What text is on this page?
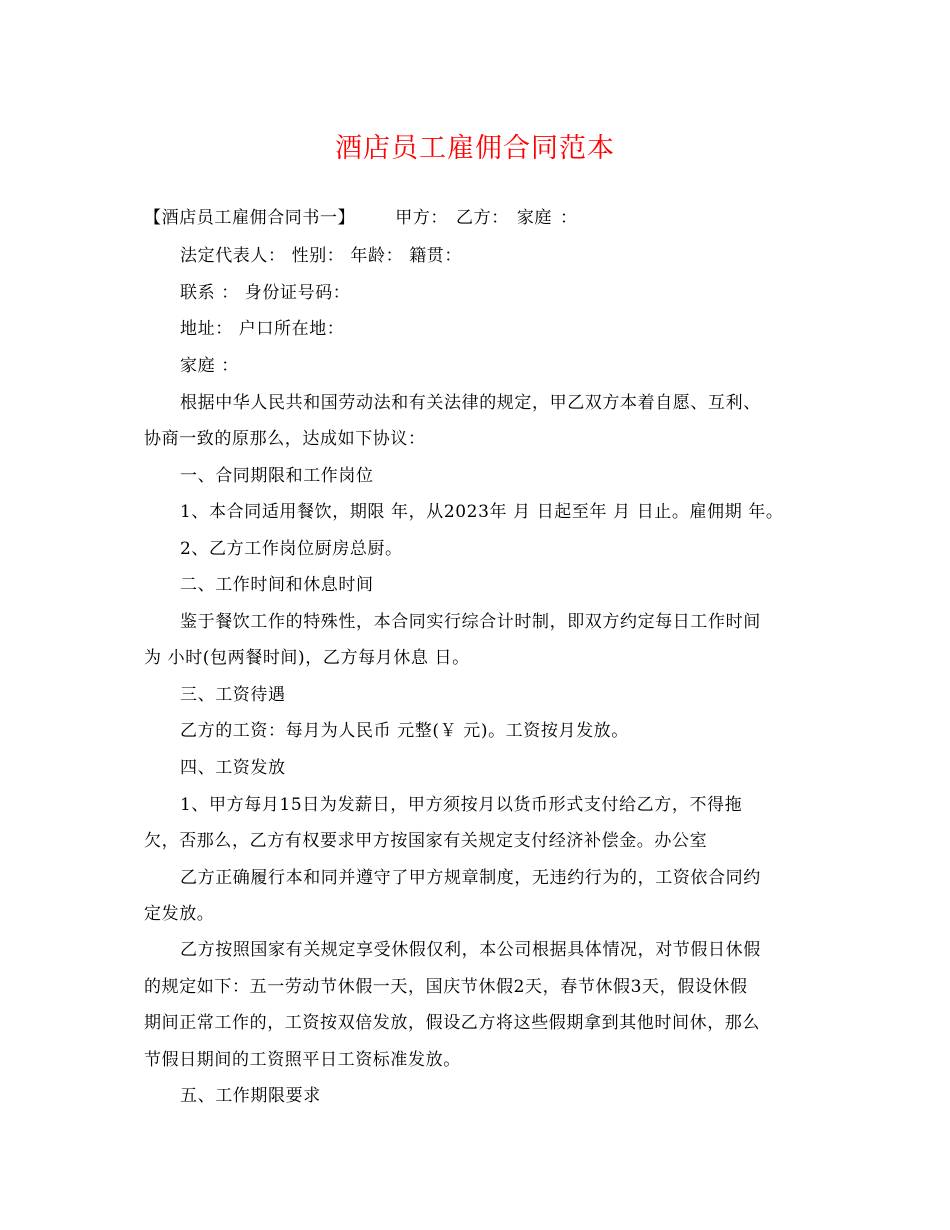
酒店员工雇佣合同范本
【酒店员工雇佣合同书一】 甲方： 乙方： 家庭 ：
法定代表人： 性别： 年龄： 籍贯：
联系 ： 身份证号码：
地址： 户口所在地：
家庭 ：
根据中华人民共和国劳动法和有关法律的规定，甲乙双方本着自愿、互利、
协商一致的原那么，达成如下协议：
一、合同期限和工作岗位
1、本合同适用餐饮，期限 年，从2023年 月 日起至年 月 日止。雇佣期 年。
2、乙方工作岗位厨房总厨。
二、工作时间和休息时间
鉴于餐饮工作的特殊性，本合同实行综合计时制，即双方约定每日工作时间
为 小时(包两餐时间)，乙方每月休息 日。
三、工资待遇
乙方的工资：每月为人民币 元整(￥ 元)。工资按月发放。
四、工资发放
1、甲方每月15日为发薪日，甲方须按月以货币形式支付给乙方，不得拖
欠，否那么，乙方有权要求甲方按国家有关规定支付经济补偿金。办公室
乙方正确履行本和同并遵守了甲方规章制度，无违约行为的，工资依合同约
定发放。
乙方按照国家有关规定享受休假仅利，本公司根据具体情况，对节假日休假
的规定如下：五一劳动节休假一天，国庆节休假2天，春节休假3天，假设休假
期间正常工作的，工资按双倍发放，假设乙方将这些假期拿到其他时间休，那么
节假日期间的工资照平日工资标准发放。
五、工作期限要求
